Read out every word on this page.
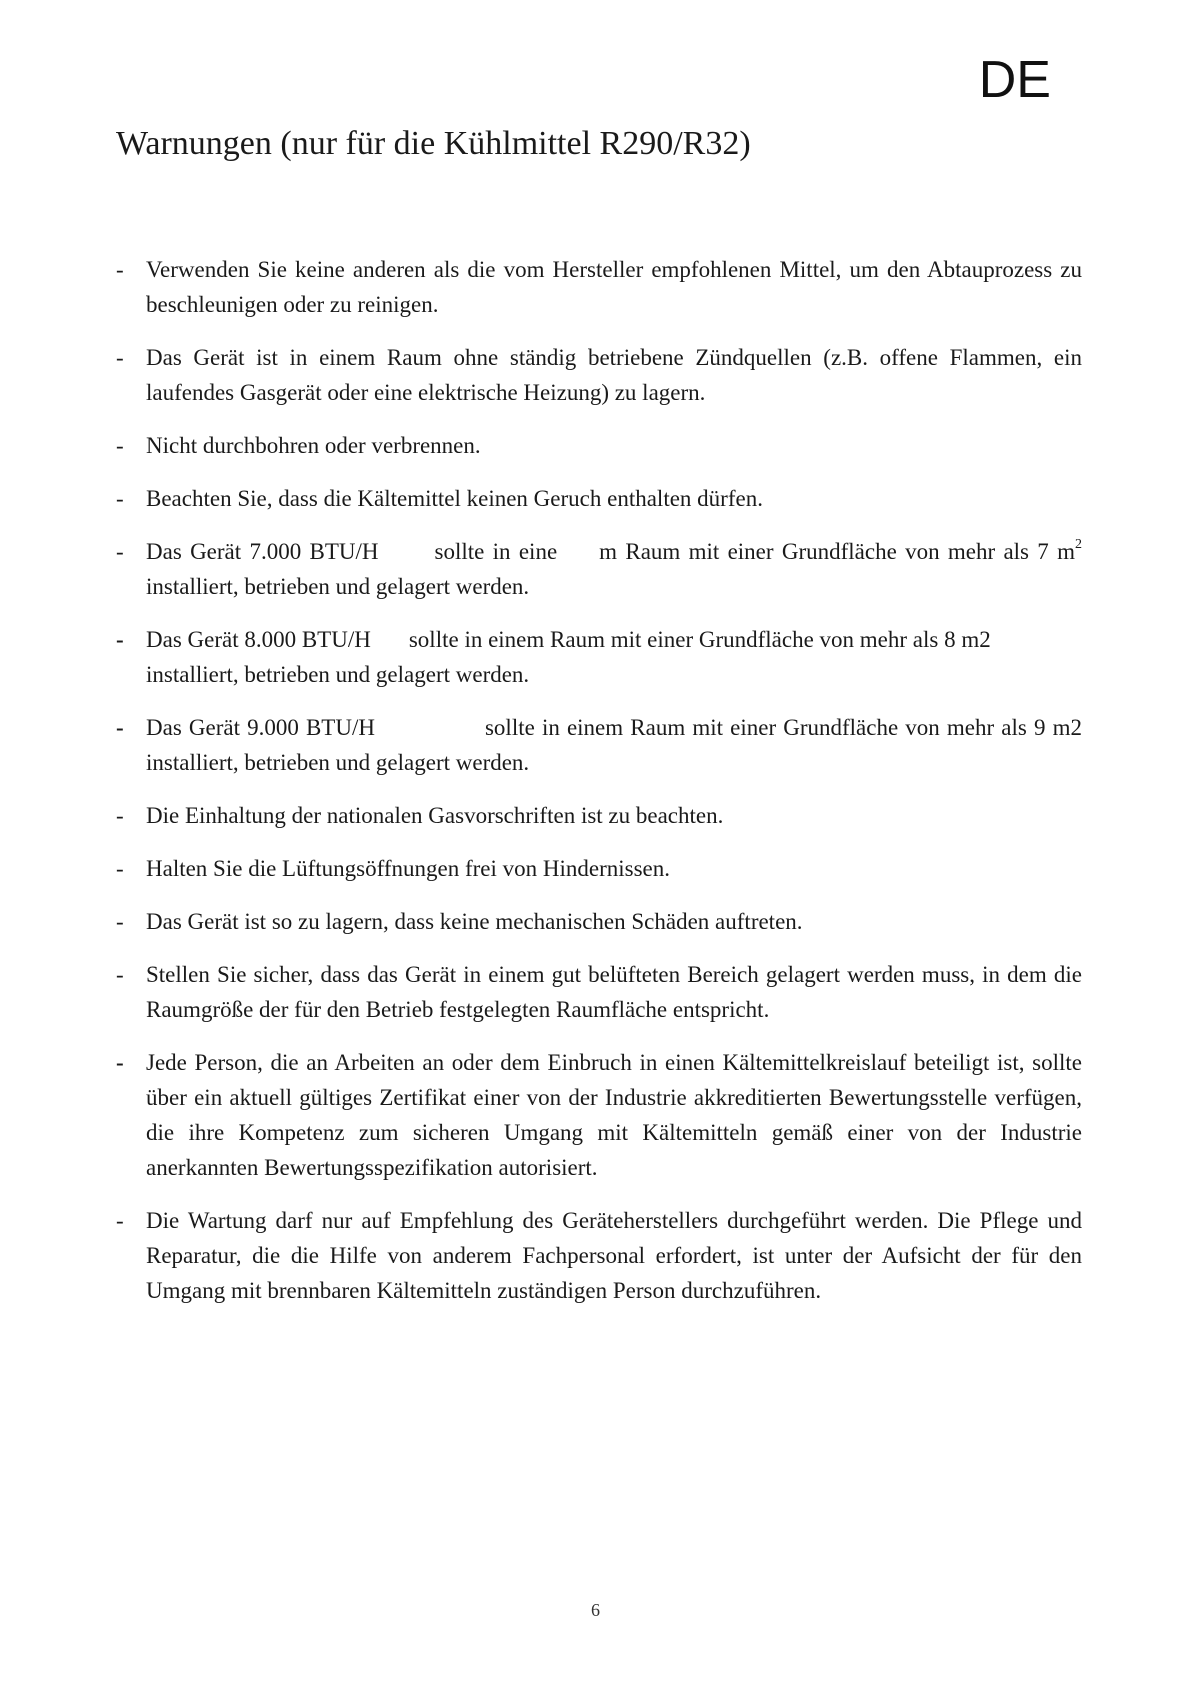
DE
Warnungen (nur für die Kühlmittel R290/R32)
- Verwenden Sie keine anderen als die vom Hersteller empfohlenen Mittel, um den Abtauprozess zu beschleunigen oder zu reinigen.
- Das Gerät ist in einem Raum ohne ständig betriebene Zündquellen (z.B. offene Flammen, ein laufendes Gasgerät oder eine elektrische Heizung) zu lagern.
- Nicht durchbohren oder verbrennen.
- Beachten Sie, dass die Kältemittel keinen Geruch enthalten dürfen.
- Das Gerät 7.000 BTU/H sollte in eine m Raum mit einer Grundfläche von mehr als 7 $m^2$ installiert, betrieben und gelagert werden.
- Das Gerät 8.000 BTU/H sollte in einem Raum mit einer Grundfläche von mehr als 8 m2 installiert, betrieben und gelagert werden.
- Das Gerät 9.000 BTU/H	sollte in einem Raum mit einer Grundfläche von mehr als 9 m2 installiert, betrieben und gelagert werden.
- Die Einhaltung der nationalen Gasvorschriften ist zu beachten.
- Halten Sie die Lüftungsöffnungen frei von Hindernissen.
- Das Gerät ist so zu lagern, dass keine mechanischen Schäden auftreten.
- Stellen Sie sicher, dass das Gerät in einem gut belüfteten Bereich gelagert werden muss, in dem die Raumgröße der für den Betrieb festgelegten Raumfläche entspricht.
- Jede Person, die an Arbeiten an oder dem Einbruch in einen Kältemittelkreislauf beteiligt ist, sollte über ein aktuell gültiges Zertifikat einer von der Industrie akkreditierten Bewertungsstelle verfügen, die ihre Kompetenz zum sicheren Umgang mit Kältemitteln gemäß einer von der Industrie anerkannten Bewertungsspezifikation autorisiert.
- Die Wartung darf nur auf Empfehlung des Geräteherstellers durchgeführt werden. Die Pflege und Reparatur, die die Hilfe von anderem Fachpersonal erfordert, ist unter der Aufsicht der für den Umgang mit brennbaren Kältemitteln zuständigen Person durchzuführen.
6
